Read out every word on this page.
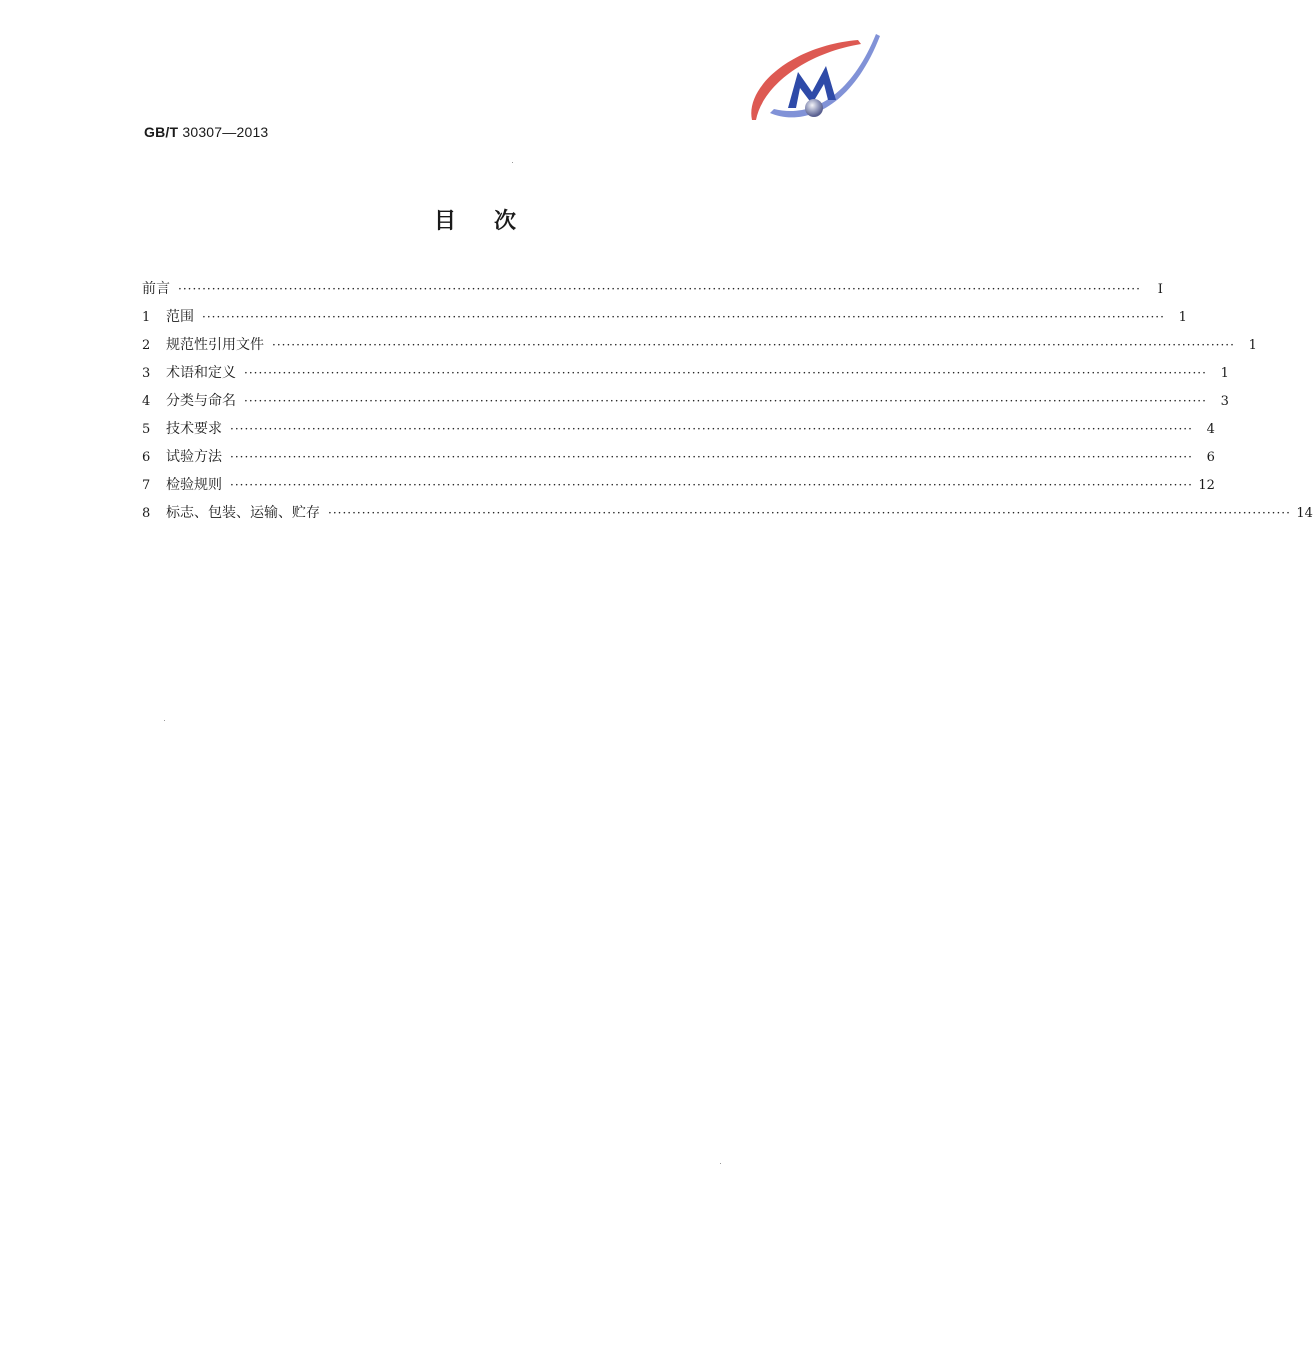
GB/T 30307—2013
目次
前言 ········································································································································································································	Ⅰ
1	范围 ········································································································································································································	1
2	规范性引用文件 ········································································································································································································	1
3	术语和定义 ········································································································································································································	1
4	分类与命名 ········································································································································································································	3
5	技术要求 ········································································································································································································	4
6	试验方法 ········································································································································································································	6
7	检验规则 ········································································································································································································ 12
8	标志、包装、运输、贮存 ········································································································································································································ 14
